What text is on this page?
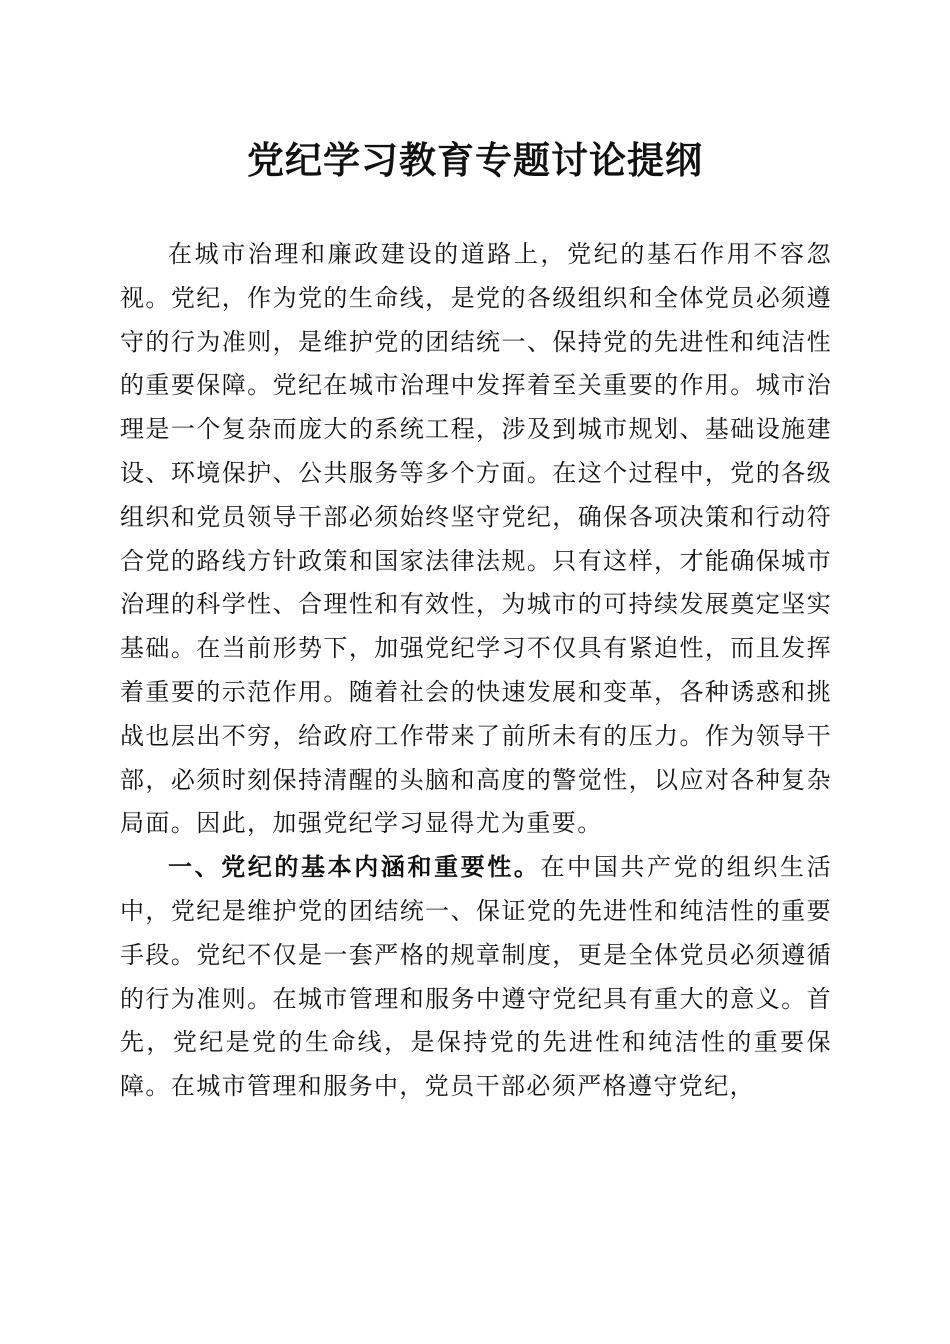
党纪学习教育专题讨论提纲

在城市治理和廉政建设的道路上，党纪的基石作用不容忽视。党纪，作为党的生命线，是党的各级组织和全体党员必须遵守的行为准则，是维护党的团结统一、保持党的先进性和纯洁性的重要保障。党纪在城市治理中发挥着至关重要的作用。城市治理是一个复杂而庞大的系统工程，涉及到城市规划、基础设施建设、环境保护、公共服务等多个方面。在这个过程中，党的各级组织和党员领导干部必须始终坚守党纪，确保各项决策和行动符合党的路线方针政策和国家法律法规。只有这样，才能确保城市治理的科学性、合理性和有效性，为城市的可持续发展奠定坚实基础。在当前形势下，加强党纪学习不仅具有紧迫性，而且发挥着重要的示范作用。随着社会的快速发展和变革，各种诱惑和挑战也层出不穷，给政府工作带来了前所未有的压力。作为领导干部，必须时刻保持清醒的头脑和高度的警觉性，以应对各种复杂局面。因此，加强党纪学习显得尤为重要。

一、党纪的基本内涵和重要性。在中国共产党的组织生活中，党纪是维护党的团结统一、保证党的先进性和纯洁性的重要手段。党纪不仅是一套严格的规章制度，更是全体党员必须遵循的行为准则。在城市管理和服务中遵守党纪具有重大的意义。首先，党纪是党的生命线，是保持党的先进性和纯洁性的重要保障。在城市管理和服务中，党员干部必须严格遵守党纪，
